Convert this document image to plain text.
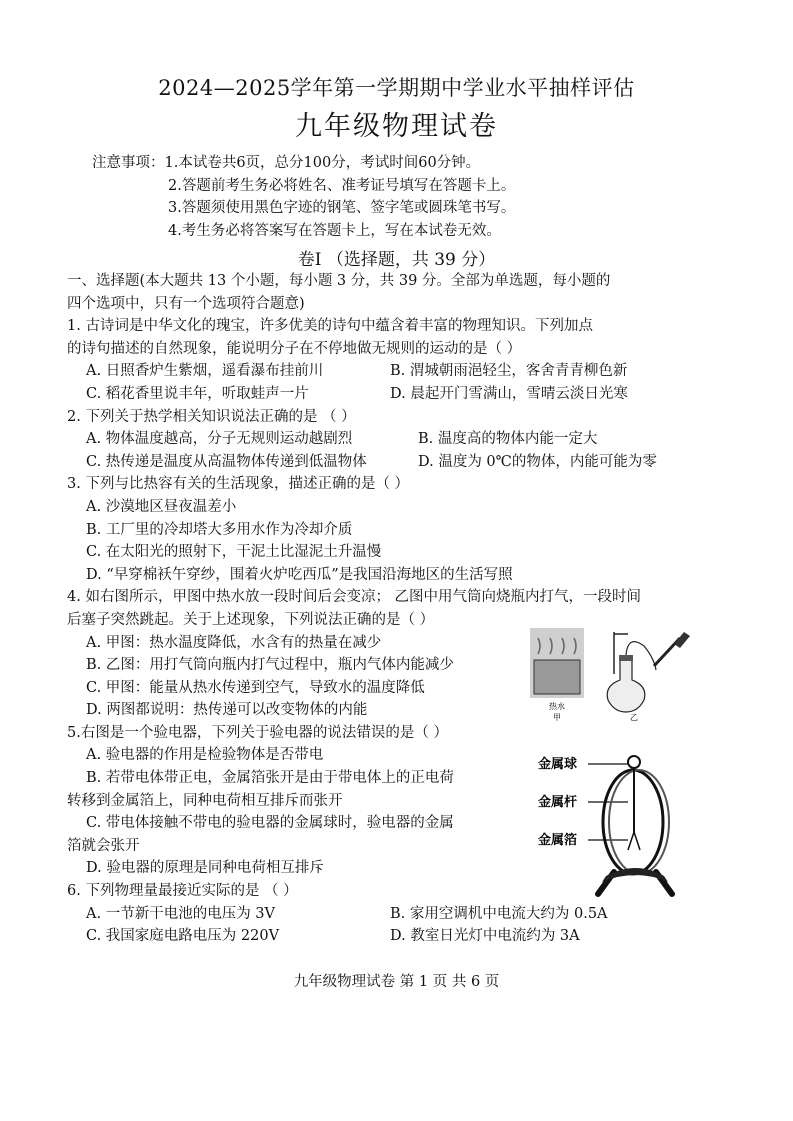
2024—2025学年第一学期期中学业水平抽样评估
九年级物理试卷
注意事项：1.本试卷共6页，总分100分，考试时间60分钟。
2.答题前考生务必将姓名、准考证号填写在答题卡上。
3.答题须使用黑色字迹的钢笔、签字笔或圆珠笔书写。
4.考生务必将答案写在答题卡上，写在本试卷无效。
卷Ⅰ （选择题，共 39 分）
一、选择题(本大题共 13 个小题，每小题 3 分，共 39 分。全部为单选题，每小题的
四个选项中，只有一个选项符合题意)
1. 古诗词是中华文化的瑰宝，许多优美的诗句中蕴含着丰富的物理知识。下列加点
的诗句描述的自然现象，能说明分子在不停地做无规则的运动的是（ ）
A. 日照香炉生紫烟，遥看瀑布挂前川	B. 渭城朝雨浥轻尘，客舍青青柳色新
C. 稻花香里说丰年，听取蛙声一片	D. 晨起开门雪满山，雪晴云淡日光寒
2. 下列关于热学相关知识说法正确的是 （ ）
A. 物体温度越高，分子无规则运动越剧烈	B. 温度高的物体内能一定大
C. 热传递是温度从高温物体传递到低温物体	D. 温度为 0℃的物体，内能可能为零
3. 下列与比热容有关的生活现象，描述正确的是（ ）
A. 沙漠地区昼夜温差小
B. 工厂里的冷却塔大多用水作为冷却介质
C. 在太阳光的照射下，干泥土比湿泥土升温慢
D. “早穿棉袄午穿纱，围着火炉吃西瓜”是我国沿海地区的生活写照
4. 如右图所示，甲图中热水放一段时间后会变凉； 乙图中用气筒向烧瓶内打气，一段时间
后塞子突然跳起。关于上述现象，下列说法正确的是（ ）
A. 甲图：热水温度降低，水含有的热量在减少
B. 乙图：用打气筒向瓶内打气过程中，瓶内气体内能减少
C. 甲图：能量从热水传递到空气，导致水的温度降低
D. 两图都说明：热传递可以改变物体的内能
5.右图是一个验电器，下列关于验电器的说法错误的是（ ）
A. 验电器的作用是检验物体是否带电
B. 若带电体带正电，金属箔张开是由于带电体上的正电荷
转移到金属箔上，同种电荷相互排斥而张开
C. 带电体接触不带电的验电器的金属球时，验电器的金属
箔就会张开
D. 验电器的原理是同种电荷相互排斥
6. 下列物理量最接近实际的是 （ ）
A. 一节新干电池的电压为 3V	B. 家用空调机中电流大约为 0.5A
C. 我国家庭电路电压为 220V	D. 教室日光灯中电流约为 3A
热水
甲	乙
金属球
金属杆
金属箔
九年级物理试卷 第 1 页 共 6 页
